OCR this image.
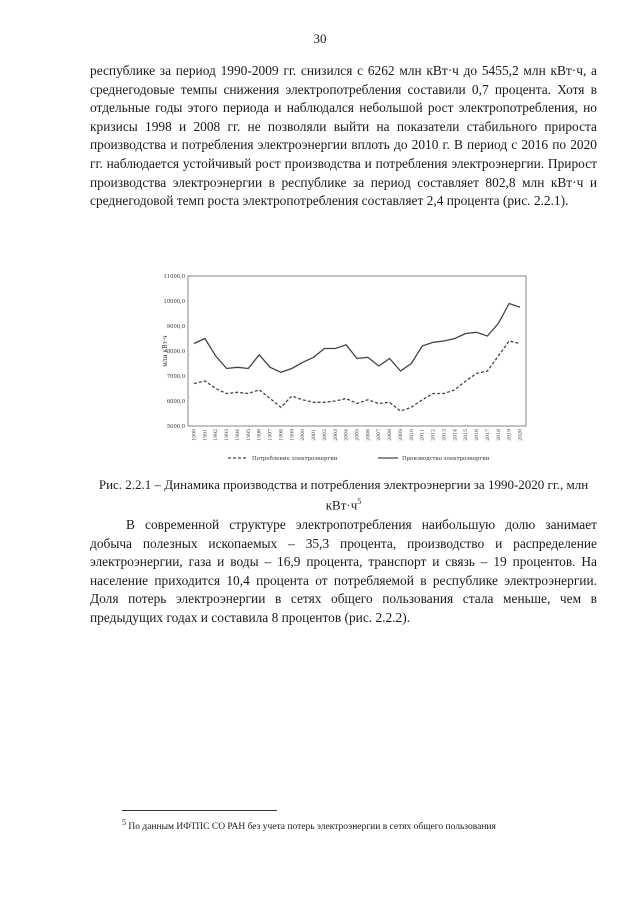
30

республике за период 1990-2009 гг. снизился с 6262 млн кВт·ч до 5455,2 млн кВт·ч, а среднегодовые темпы снижения электропотребления составили 0,7 процента. Хотя в отдельные годы этого периода и наблюдался небольшой рост электропотребления, но кризисы 1998 и 2008 гг. не позволяли выйти на показатели стабильного прироста производства и потребления электроэнергии вплоть до 2010 г. В период с 2016 по 2020 гг. наблюдается устойчивый рост производства и потребления электроэнергии. Прирост производства электроэнергии в республике за период составляет 802,8 млн кВт·ч и среднегодовой темп роста электропотребления составляет 2,4 процента (рис. 2.2.1).

5000,0
6000,0
7000,0
8000,0
9000,0
10000,0
11000,0
млн кВт·ч
1990 1991 1992 1993 1994 1995 1996 1997 1998 1999 2000 2001 2002 2003 2004 2005 2006 2007 2008 2009 2010 2011 2012 2013 2014 2015 2016 2017 2018 2019 2020
Потребление электроэнергии	Производство электроэнергии

Рис. 2.2.1 – Динамика производства и потребления электроэнергии за 1990-2020 гг., млн $кВт\cdot ч^5$

В современной структуре электропотребления наибольшую долю занимает добыча полезных ископаемых – 35,3 процента, производство и распределение электроэнергии, газа и воды – 16,9 процента, транспорт и связь – 19 процентов. На население приходится 10,4 процента от потребляемой в республике электроэнергии. Доля потерь электроэнергии в сетях общего пользования стала меньше, чем в предыдущих годах и составила 8 процентов (рис. 2.2.2).

$^5$ По данным ИФТПС СО РАН без учета потерь электроэнергии в сетях общего пользования
